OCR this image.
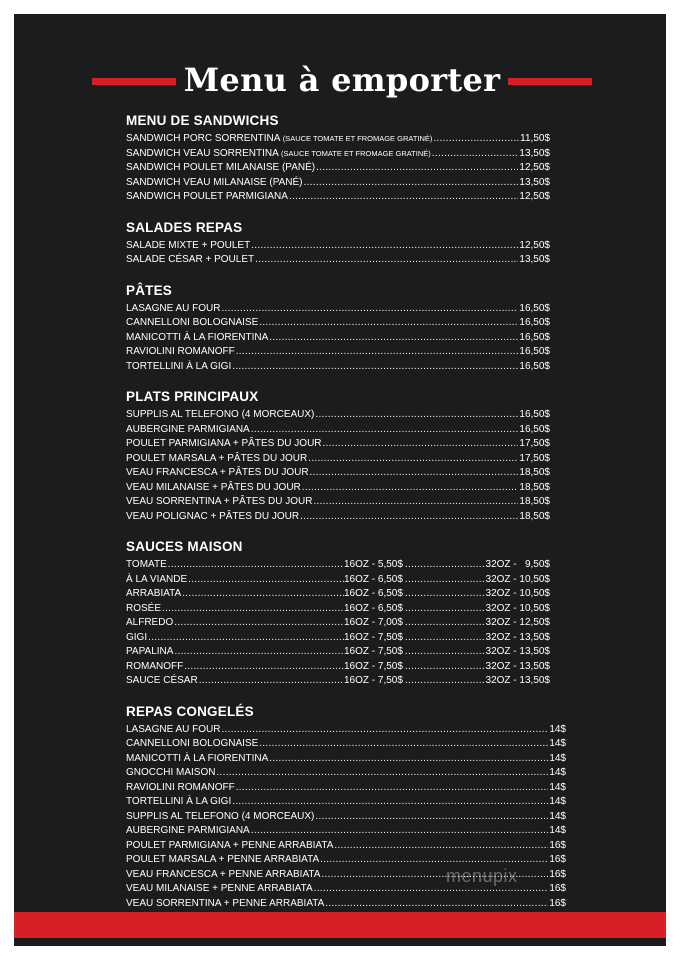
Menu à emporter
MENU DE SANDWICHS
SANDWICH PORC SORRENTINA (SAUCE TOMATE ET FROMAGE GRATINÉ) .....	11,50$
SANDWICH VEAU SORRENTINA (SAUCE TOMATE ET FROMAGE GRATINÉ) .....	13,50$
SANDWICH POULET MILANAISE (PANÉ) .....	12,50$
SANDWICH VEAU MILANAISE (PANÉ) .....	13,50$
SANDWICH POULET PARMIGIANA .....	12,50$
SALADES REPAS
SALADE MIXTE + POULET .....	12,50$
SALADE CÉSAR + POULET .....	13,50$
PÂTES
LASAGNE AU FOUR .....	16,50$
CANNELLONI BOLOGNAISE .....	16,50$
MANICOTTI À LA FIORENTINA .....	16,50$
RAVIOLINI ROMANOFF .....	16,50$
TORTELLINI À LA GIGI .....	16,50$
PLATS PRINCIPAUX
SUPPLIS AL TELEFONO (4 MORCEAUX) .....	16,50$
AUBERGINE PARMIGIANA .....	16,50$
POULET PARMIGIANA + PÂTES DU JOUR .....	17,50$
POULET MARSALA + PÂTES DU JOUR .....	17,50$
VEAU FRANCESCA + PÂTES DU JOUR .....	18,50$
VEAU MILANAISE + PÂTES DU JOUR .....	18,50$
VEAU SORRENTINA + PÂTES DU JOUR .....	18,50$
VEAU POLIGNAC + PÂTES DU JOUR .....	18,50$
SAUCES MAISON
TOMATE .....	16OZ - 5,50$ .....	32OZ -   9,50$
À LA VIANDE .....	16OZ - 6,50$ .....	32OZ - 10,50$
ARRABIATA .....	16OZ - 6,50$ .....	32OZ - 10,50$
ROSÉE .....	16OZ - 6,50$ .....	32OZ - 10,50$
ALFREDO .....	16OZ - 7,00$ .....	32OZ - 12,50$
GIGI .....	16OZ - 7,50$ .....	32OZ - 13,50$
PAPALINA .....	16OZ - 7,50$ .....	32OZ - 13,50$
ROMANOFF .....	16OZ - 7,50$ .....	32OZ - 13,50$
SAUCE CÉSAR .....	16OZ - 7,50$ .....	32OZ - 13,50$
REPAS CONGELÉS
LASAGNE AU FOUR .....	14$
CANNELLONI BOLOGNAISE .....	14$
MANICOTTI À LA FIORENTINA .....	14$
GNOCCHI MAISON .....	14$
RAVIOLINI ROMANOFF .....	14$
TORTELLINI À LA GIGI .....	14$
SUPPLIS AL TELEFONO (4 MORCEAUX) .....	14$
AUBERGINE PARMIGIANA .....	14$
POULET PARMIGIANA + PENNE ARRABIATA .....	16$
POULET MARSALA + PENNE ARRABIATA .....	16$
VEAU FRANCESCA + PENNE ARRABIATA .....	16$
VEAU MILANAISE + PENNE ARRABIATA .....	16$
VEAU SORRENTINA + PENNE ARRABIATA .....	16$
.....
menupix
